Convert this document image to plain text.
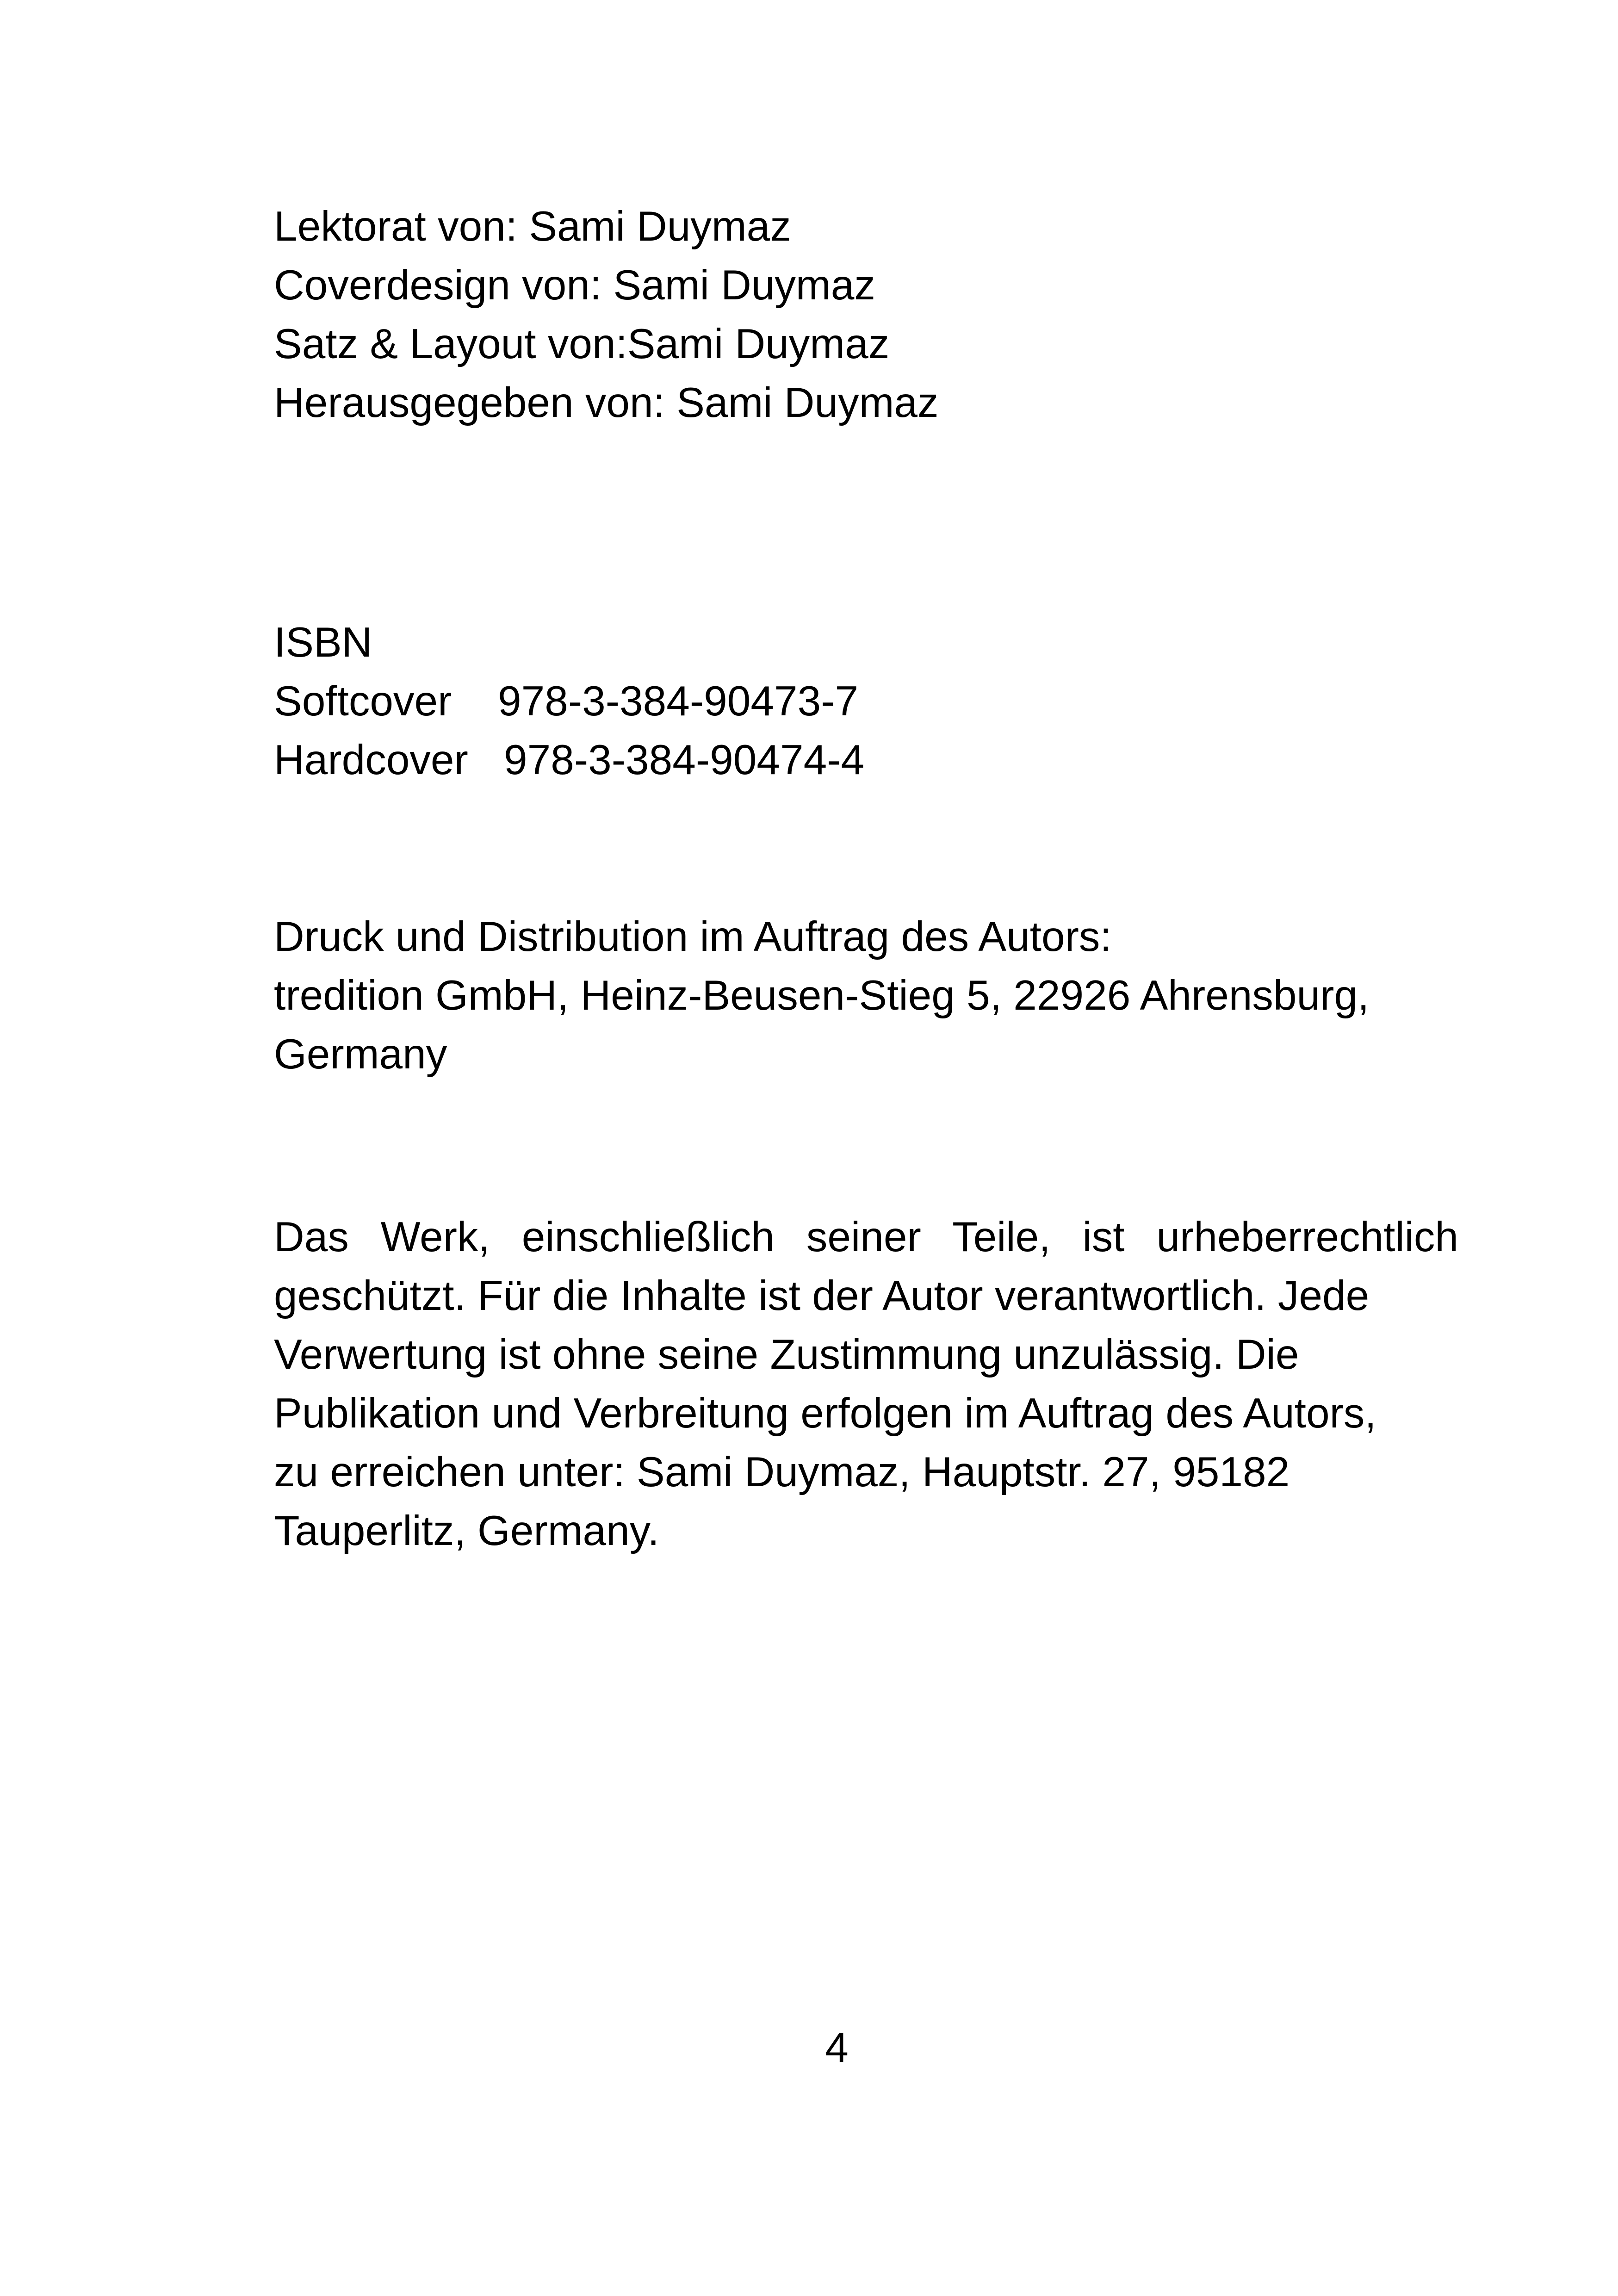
Lektorat von: Sami Duymaz
Coverdesign von: Sami Duymaz
Satz & Layout von:Sami Duymaz
Herausgegeben von: Sami Duymaz
ISBN
Softcover 978-3-384-90473-7
Hardcover 978-3-384-90474-4
Druck und Distribution im Auftrag des Autors:
tredition GmbH, Heinz-Beusen-Stieg 5, 22926 Ahrensburg,
Germany
Das Werk, einschließlich seiner Teile, ist urheberrechtlich
geschützt. Für die Inhalte ist der Autor verantwortlich. Jede
Verwertung ist ohne seine Zustimmung unzulässig. Die
Publikation und Verbreitung erfolgen im Auftrag des Autors,
zu erreichen unter: Sami Duymaz, Hauptstr. 27, 95182
Tauperlitz, Germany.
4
